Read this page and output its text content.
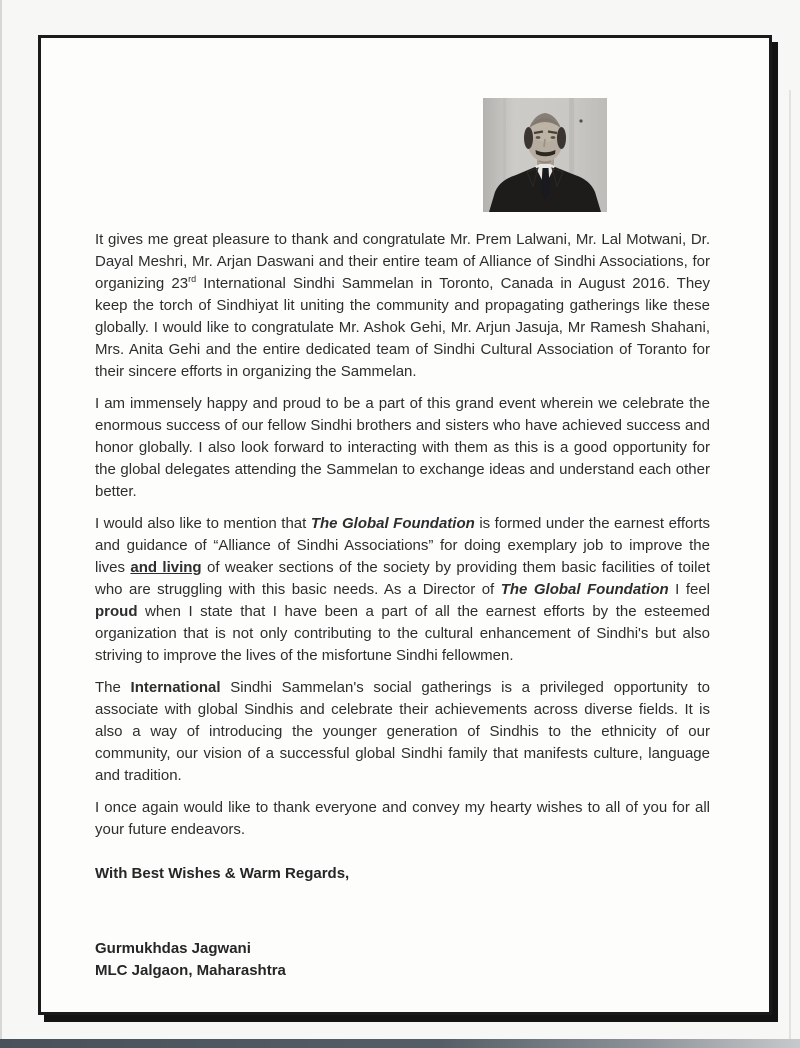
It gives me great pleasure to thank and congratulate Mr. Prem Lalwani, Mr. Lal Motwani, Dr. Dayal Meshri, Mr. Arjan Daswani and their entire team of Alliance of Sindhi Associations, for organizing 23rd International Sindhi Sammelan in Toronto, Canada in August 2016. They keep the torch of Sindhiyat lit uniting the community and propagating gatherings like these globally. I would like to congratulate Mr. Ashok Gehi, Mr. Arjun Jasuja, Mr Ramesh Shahani, Mrs. Anita Gehi and the entire dedicated team of Sindhi Cultural Association of Toranto for their sincere efforts in organizing the Sammelan.

I am immensely happy and proud to be a part of this grand event wherein we celebrate the enormous success of our fellow Sindhi brothers and sisters who have achieved success and honor globally. I also look forward to interacting with them as this is a good opportunity for the global delegates attending the Sammelan to exchange ideas and understand each other better.

I would also like to mention that The Global Foundation is formed under the earnest efforts and guidance of “Alliance of Sindhi Associations” for doing exemplary job to improve the lives and living of weaker sections of the society by providing them basic facilities of toilet who are struggling with this basic needs. As a Director of The Global Foundation I feel proud when I state that I have been a part of all the earnest efforts by the esteemed organization that is not only contributing to the cultural enhancement of Sindhi's but also striving to improve the lives of the misfortune Sindhi fellowmen.

The International Sindhi Sammelan's social gatherings is a privileged opportunity to associate with global Sindhis and celebrate their achievements across diverse fields. It is also a way of introducing the younger generation of Sindhis to the ethnicity of our community, our vision of a successful global Sindhi family that manifests culture, language and tradition.

I once again would like to thank everyone and convey my hearty wishes to all of you for all your future endeavors.

With Best Wishes & Warm Regards,

Gurmukhdas Jagwani

MLC Jalgaon, Maharashtra
